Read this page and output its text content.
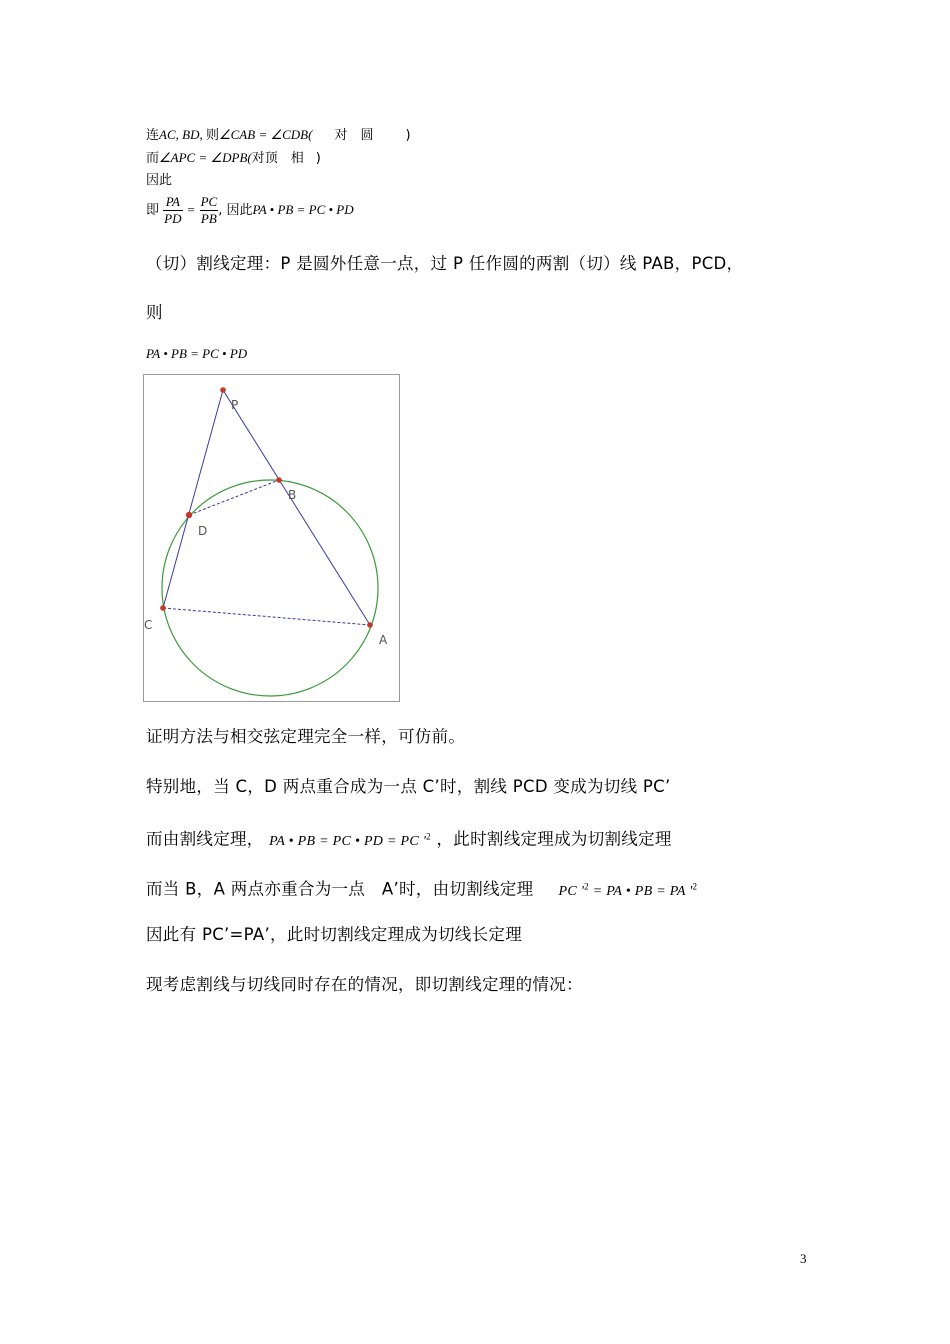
连AC, BD, 则∠CAB = ∠CDB( 对　圆 )
而∠APC = ∠DPB(对顶　相 )
因此
即 $\frac{PA}{PD} = \frac{PC}{PB}$ , 因此PA • PB = PC • PD
（切）割线定理：P 是圆外任意一点，过 P 任作圆的两割（切）线 PAB，PCD，
则
PA • PB = PC • PD
P
B
D
C
A
证明方法与相交弦定理完全一样，可仿前。
特别地，当 C，D 两点重合成为一点 C’时，割线 PCD 变成为切线 PC’
而由割线定理， PA • PB = PC • PD = PC '$^2$ ，此时割线定理成为切割线定理
而当 B，A 两点亦重合为一点　A’时，由切割线定理 PC '$^2$ = PA • PB = PA '$^2$
因此有 PC’=PA’，此时切割线定理成为切线长定理
现考虑割线与切线同时存在的情况，即切割线定理的情况：
3
